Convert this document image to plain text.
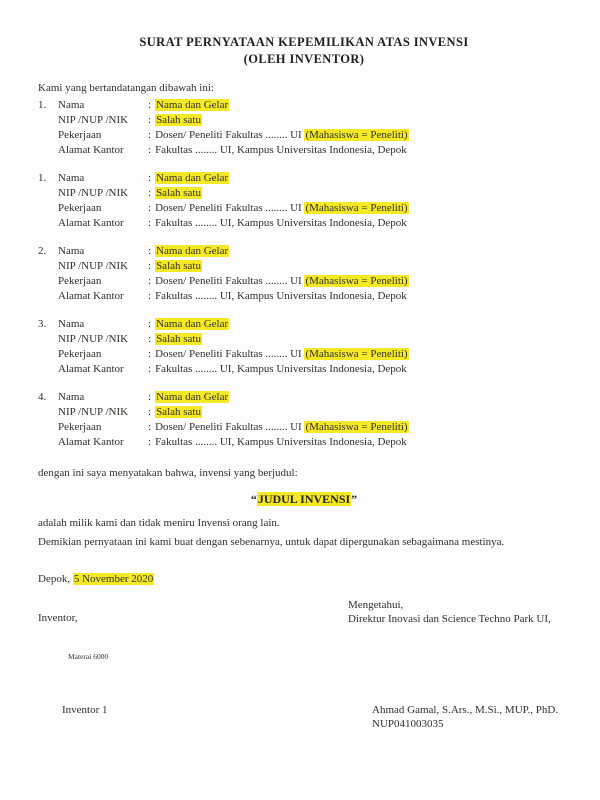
SURAT PERNYATAAN KEPEMILIKAN ATAS INVENSI
(OLEH INVENTOR)

Kami yang bertandatangan dibawah ini:

1.	Nama	: Nama dan Gelar
NIP /NUP /NIK	: Salah satu
Pekerjaan	: Dosen/ Peneliti Fakultas ........ UI (Mahasiswa = Peneliti)
Alamat Kantor	: Fakultas ........ UI, Kampus Universitas Indonesia, Depok
1.	Nama	: Nama dan Gelar
NIP /NUP /NIK	: Salah satu
Pekerjaan	: Dosen/ Peneliti Fakultas ........ UI (Mahasiswa = Peneliti)
Alamat Kantor	: Fakultas ........ UI, Kampus Universitas Indonesia, Depok
2.	Nama	: Nama dan Gelar
NIP /NUP /NIK	: Salah satu
Pekerjaan	: Dosen/ Peneliti Fakultas ........ UI (Mahasiswa = Peneliti)
Alamat Kantor	: Fakultas ........ UI, Kampus Universitas Indonesia, Depok
3.	Nama	: Nama dan Gelar
NIP /NUP /NIK	: Salah satu
Pekerjaan	: Dosen/ Peneliti Fakultas ........ UI (Mahasiswa = Peneliti)
Alamat Kantor	: Fakultas ........ UI, Kampus Universitas Indonesia, Depok
4.	Nama	: Nama dan Gelar
NIP /NUP /NIK	: Salah satu
Pekerjaan	: Dosen/ Peneliti Fakultas ........ UI (Mahasiswa = Peneliti)
Alamat Kantor	: Fakultas ........ UI, Kampus Universitas Indonesia, Depok

dengan ini saya menyatakan bahwa, invensi yang berjudul:

“JUDUL INVENSI”

adalah milik kami dan tidak meniru Invensi orang lain.

Demikian pernyataan ini kami buat dengan sebenarnya, untuk dapat dipergunakan sebagaimana mestinya.

Depok, 5 November 2020

Inventor,
Mengetahui,
Direktur Inovasi dan Science Techno Park UI,
Materai 6000
Inventor 1	Ahmad Gamal, S.Ars., M.Si., MUP., PhD.
NUP041003035
